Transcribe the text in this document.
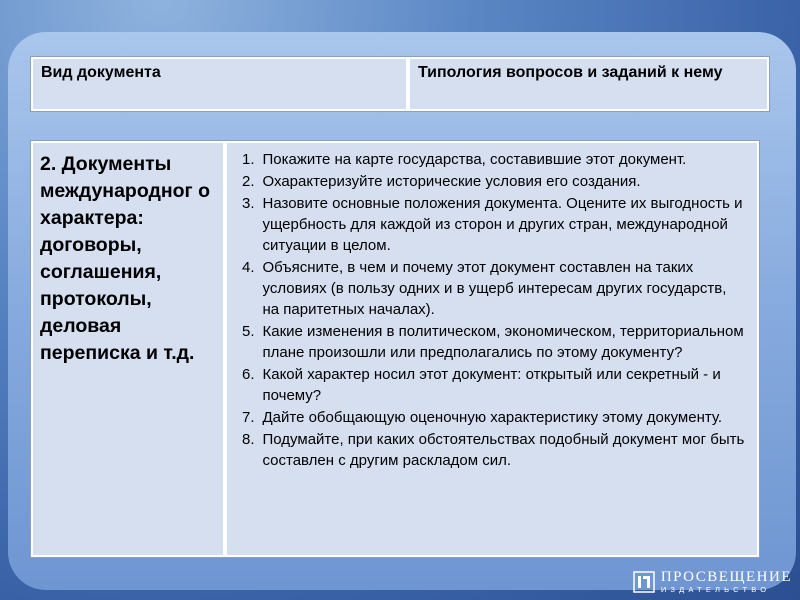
Вид документа	Типология вопросов и заданий к нему
2. Документы международног о характера: договоры, соглашения, протоколы, деловая переписка и т.д.
1. Покажите на карте государства, составившие этот документ.
2. Охарактеризуйте исторические условия его создания.
3. Назовите основные положения документа. Оцените их выгодность и ущербность для каждой из сторон и других стран, международной ситуации в целом.
4. Объясните, в чем и почему этот документ составлен на таких условиях (в пользу одних и в ущерб интересам других государств, на паритетных началах).
5. Какие изменения в политическом, экономическом, территориальном плане произошли или предполагались по этому документу?
6. Какой характер носил этот документ: открытый или секретный - и почему?
7. Дайте обобщающую оценочную характеристику этому документу.
8. Подумайте, при каких обстоятельствах подобный документ мог быть составлен с другим раскладом сил.
ПРОСВЕЩЕНИЕ
ИЗДАТЕЛЬСТВО
